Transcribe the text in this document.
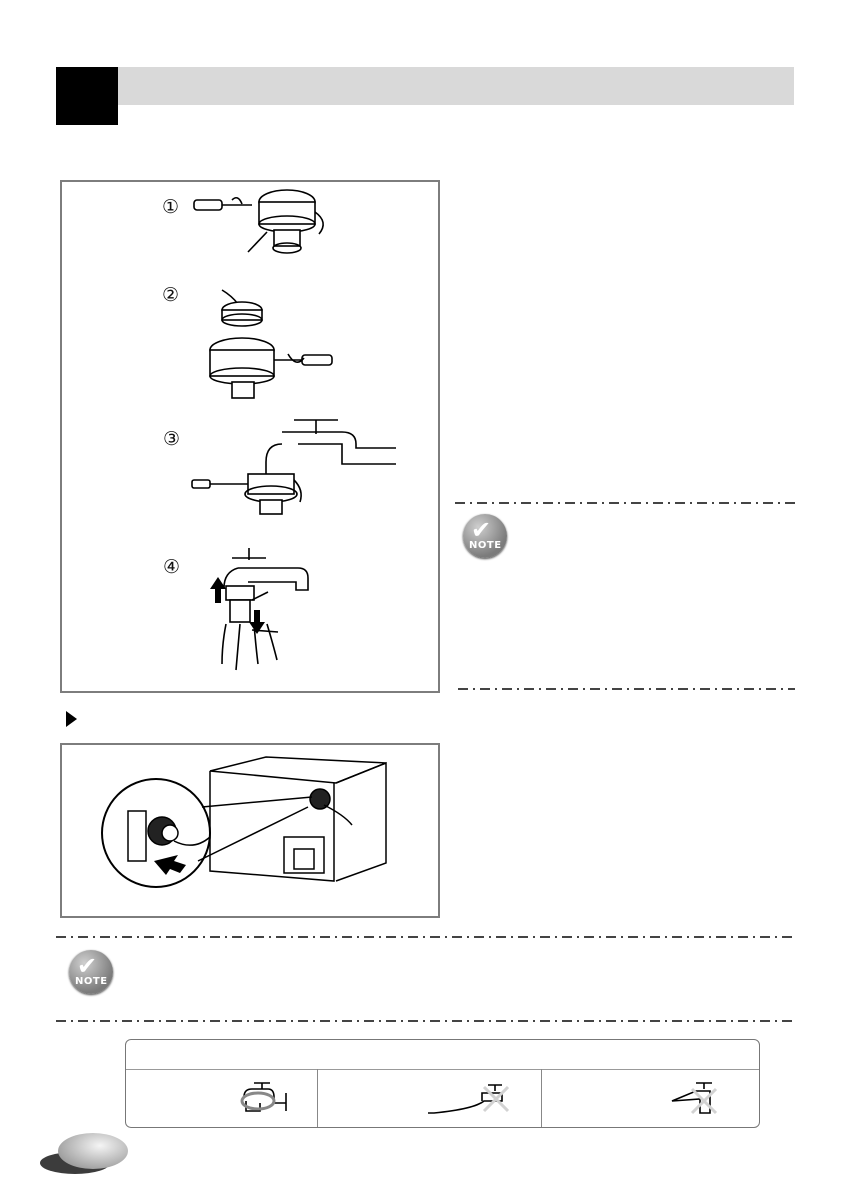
①
②
③
④
✔
NOTE
✔
NOTE
